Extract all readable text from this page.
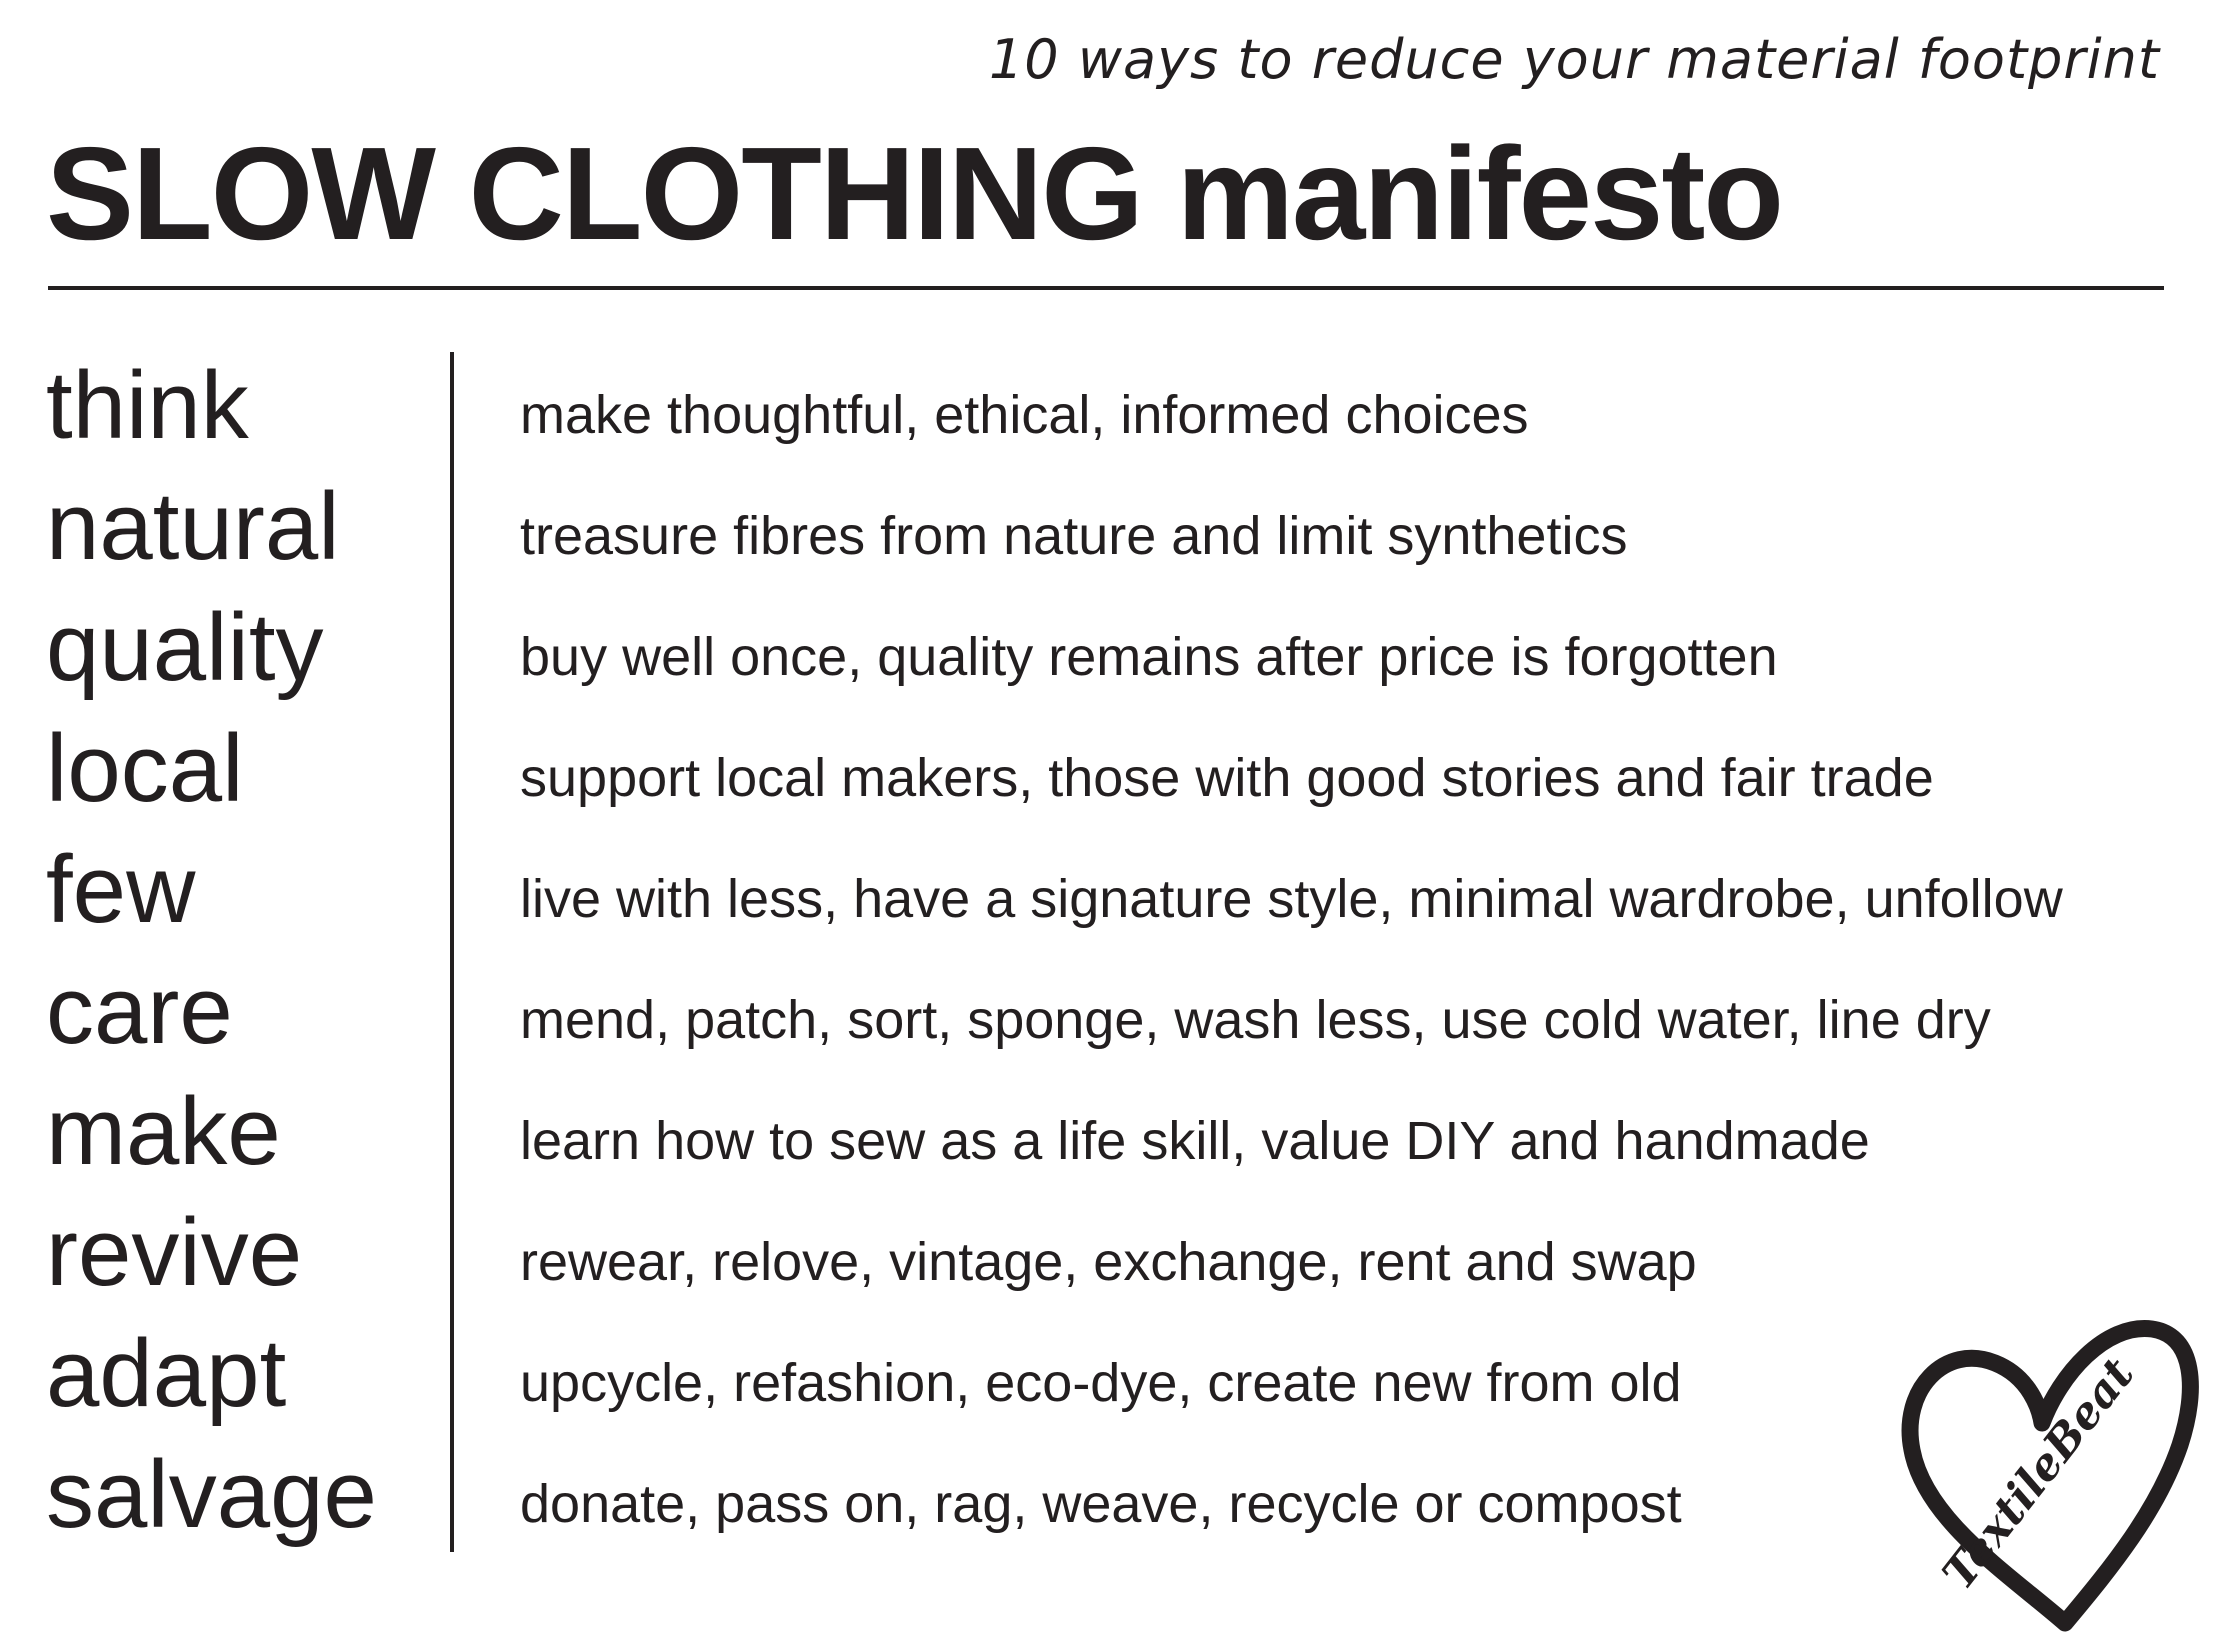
10 ways to reduce your material footprint
SLOW CLOTHING manifesto
think
natural
quality
local
few
care
make
revive
adapt
salvage
make thoughtful, ethical, informed choices
treasure fibres from nature and limit synthetics
buy well once, quality remains after price is forgotten
support local makers, those with good stories and fair trade
live with less, have a signature style, minimal wardrobe, unfollow
mend, patch, sort, sponge, wash less, use cold water, line dry
learn how to sew as a life skill, value DIY and handmade
rewear, relove, vintage, exchange, rent and swap
upcycle, refashion, eco-dye, create new from old
donate, pass on, rag, weave, recycle or compost	TextileBeat
